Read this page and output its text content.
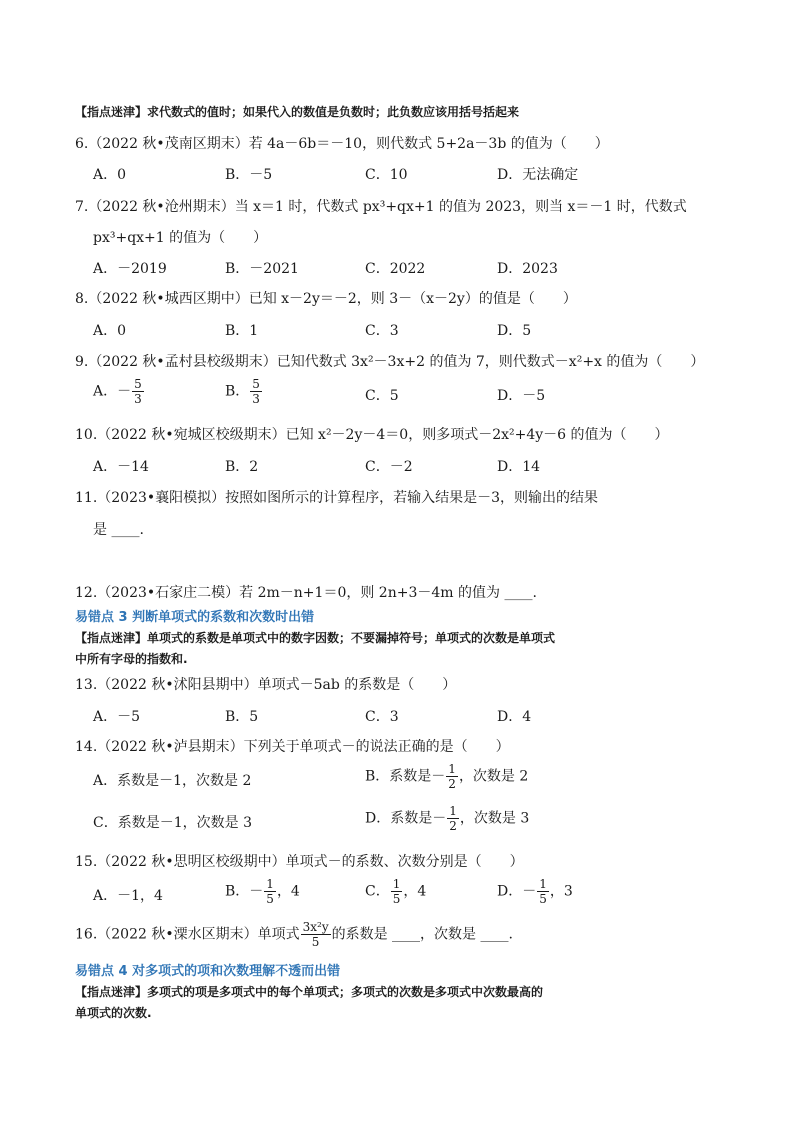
【指点迷津】求代数式的值时；如果代入的数值是负数时；此负数应该用括号括起来
6.（2022 秋•茂南区期末）若 4a－6b＝－10，则代数式 5+2a－3b 的值为（　　）
A．0	B．－5	C．10	D．无法确定
7.（2022 秋•沧州期末）当 x＝1 时，代数式 px³+qx+1 的值为 2023，则当 x＝－1 时，代数式
px³+qx+1 的值为（　　）
A．－2019	B．－2021	C．2022	D．2023
8.（2022 秋•城西区期中）已知 x－2y＝－2，则 3－（x－2y）的值是（　　）
A．0	B．1	C．3	D．5
9.（2022 秋•孟村县校级期末）已知代数式 3x²－3x+2 的值为 7，则代数式－x²+x 的值为（　　）
A．－ $\frac{5}{3}$	B． $\frac{5}{3}$	C．5	D．－5
10.（2022 秋•宛城区校级期末）已知 x²－2y－4＝0，则多项式－2x²+4y－6 的值为（　　）
A．－14	B．2	C．－2	D．14
11.（2023•襄阳模拟）按照如图所示的计算程序，若输入结果是－3，则输出的结果
是 ____.
12.（2023•石家庄二模）若 2m－n+1＝0，则 2n+3－4m 的值为 ____.
易错点 3 判断单项式的系数和次数时出错
【指点迷津】单项式的系数是单项式中的数字因数；不要漏掉符号；单项式的次数是单项式
中所有字母的指数和.
13.（2022 秋•沭阳县期中）单项式－5ab 的系数是（　　）
A．－5	B．5	C．3	D．4
14.（2022 秋•泸县期末）下列关于单项式－的说法正确的是（　　）
A．系数是－1，次数是 2	B．系数是－ $\frac{1}{2}$ ，次数是 2
C．系数是－1，次数是 3	D．系数是－ $\frac{1}{2}$ ，次数是 3
15.（2022 秋•思明区校级期中）单项式－的系数、次数分别是（　　）
A．－1，4	B．－ $\frac{1}{5}$ ，4	C． $\frac{1}{5}$ ，4	D．－ $\frac{1}{5}$ ，3
16.（2022 秋•溧水区期末）单项式 $\frac{\text{3x²y}}{5}$ 的系数是 ____，次数是 ____.
易错点 4 对多项式的项和次数理解不透而出错
【指点迷津】多项式的项是多项式中的每个单项式；多项式的次数是多项式中次数最高的
单项式的次数.
